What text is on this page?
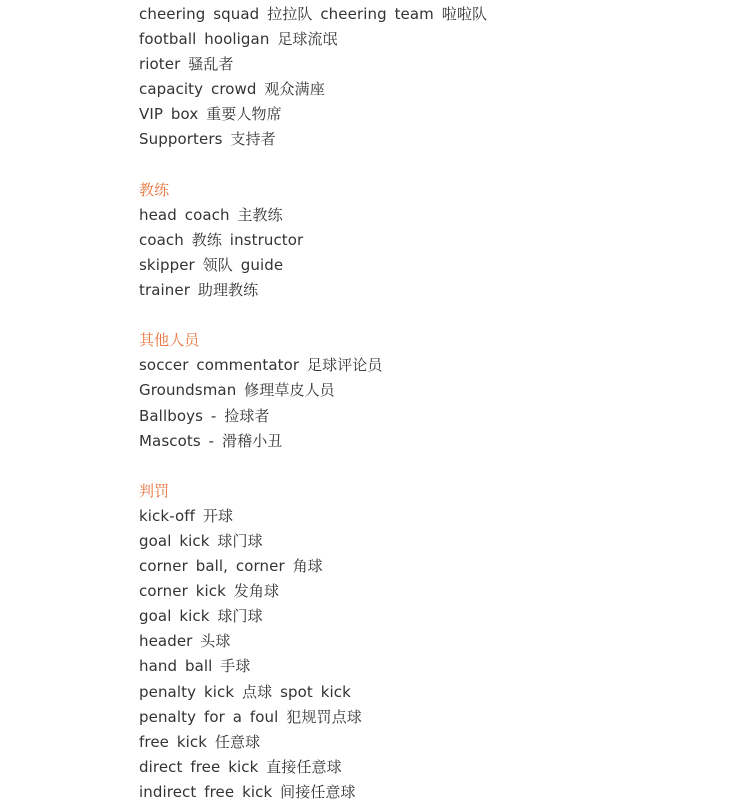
cheering squad 拉拉队 cheering team 啦啦队
football hooligan 足球流氓
rioter 骚乱者
capacity crowd 观众满座
VIP box 重要人物席
Supporters 支持者
教练
head coach 主教练
coach 教练 instructor
skipper 领队 guide
trainer 助理教练
其他人员
soccer commentator 足球评论员
Groundsman 修理草皮人员
Ballboys - 捡球者
Mascots - 滑稽小丑
判罚
kick-off 开球
goal kick 球门球
corner ball, corner 角球
corner kick 发角球
goal kick 球门球
header 头球
hand ball 手球
penalty kick 点球 spot kick
penalty for a foul 犯规罚点球
free kick 任意球
direct free kick 直接任意球
indirect free kick 间接任意球
